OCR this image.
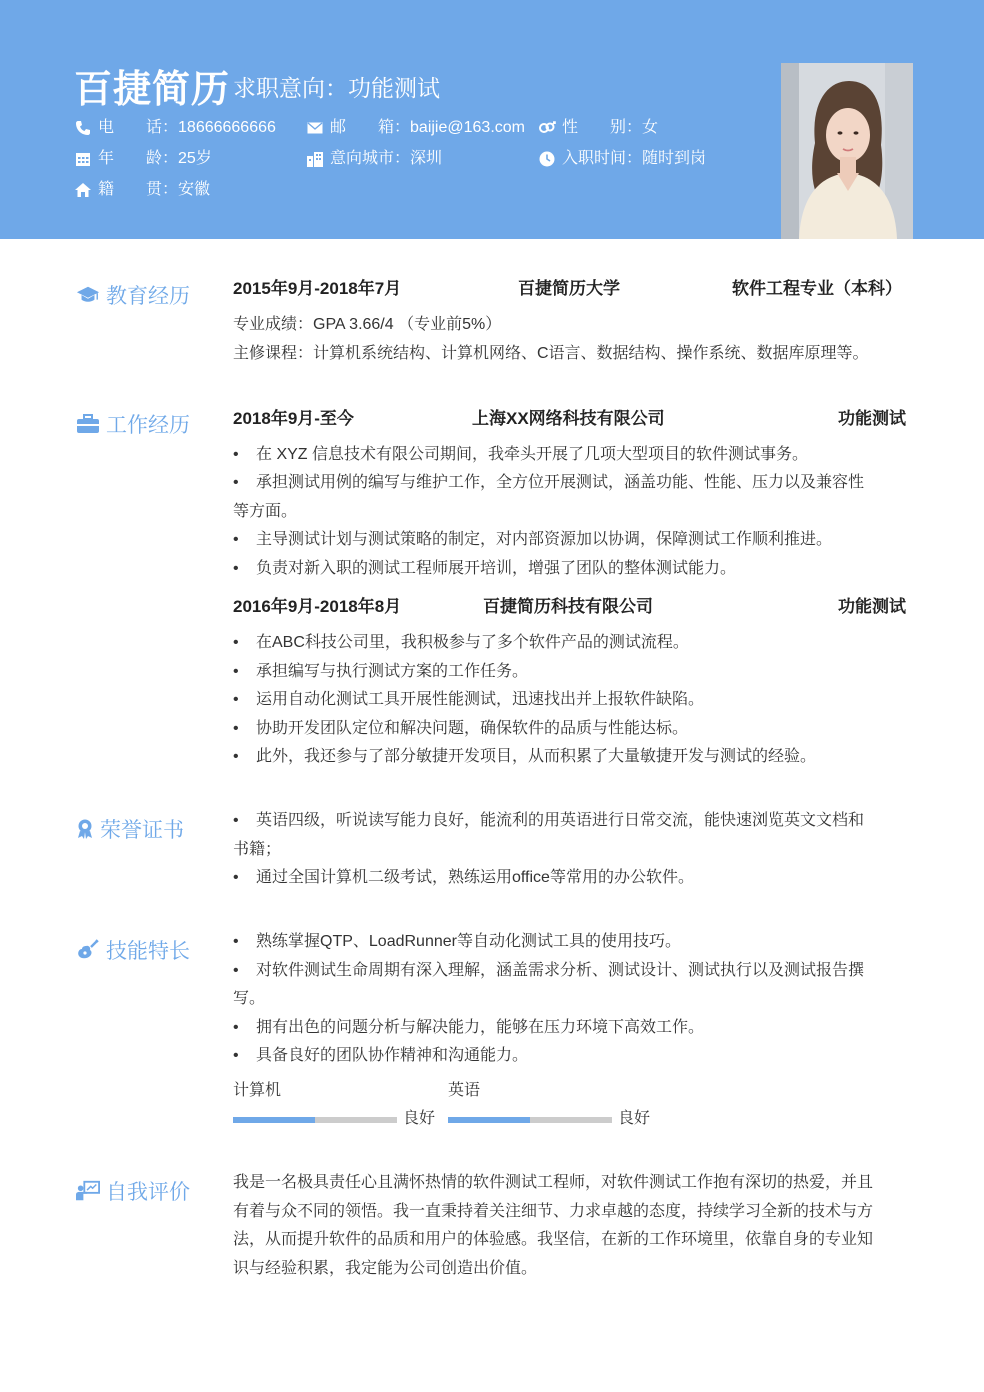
百捷简历 求职意向：功能测试
电　　话： 18666666666	邮　　箱： baijie@163.com 性　　别： 女
年　　龄： 25岁	意向城市： 深圳	入职时间： 随时到岗
籍　　贯： 安徽
教育经历	2015年9月-2018年7月	百捷简历大学	软件工程专业（本科）
专业成绩：GPA 3.66/4 （专业前5%）
主修课程：计算机系统结构、计算机网络、C语言、数据结构、操作系统、数据库原理等。
工作经历	2018年9月-至今	上海XX网络科技有限公司	功能测试
• 在 XYZ 信息技术有限公司期间，我牵头开展了几项大型项目的软件测试事务。
• 承担测试用例的编写与维护工作，全方位开展测试，涵盖功能、性能、压力以及兼容性
等方面。
• 主导测试计划与测试策略的制定，对内部资源加以协调，保障测试工作顺利推进。
• 负责对新入职的测试工程师展开培训，增强了团队的整体测试能力。
2016年9月-2018年8月	百捷简历科技有限公司	功能测试
• 在ABC科技公司里，我积极参与了多个软件产品的测试流程。
• 承担编写与执行测试方案的工作任务。
• 运用自动化测试工具开展性能测试，迅速找出并上报软件缺陷。
• 协助开发团队定位和解决问题，确保软件的品质与性能达标。
• 此外，我还参与了部分敏捷开发项目，从而积累了大量敏捷开发与测试的经验。
荣誉证书	• 英语四级，听说读写能力良好，能流利的用英语进行日常交流，能快速浏览英文文档和
书籍；
• 通过全国计算机二级考试，熟练运用office等常用的办公软件。
技能特长	• 熟练掌握QTP、LoadRunner等自动化测试工具的使用技巧。
• 对软件测试生命周期有深入理解，涵盖需求分析、测试设计、测试执行以及测试报告撰
写。
• 拥有出色的问题分析与解决能力，能够在压力环境下高效工作。
• 具备良好的团队协作精神和沟通能力。
计算机
良好
英语
良好
自我评价	我是一名极具责任心且满怀热情的软件测试工程师，对软件测试工作抱有深切的热爱，并且
有着与众不同的领悟。我一直秉持着关注细节、力求卓越的态度，持续学习全新的技术与方
法，从而提升软件的品质和用户的体验感。我坚信，在新的工作环境里，依靠自身的专业知
识与经验积累，我定能为公司创造出价值。
